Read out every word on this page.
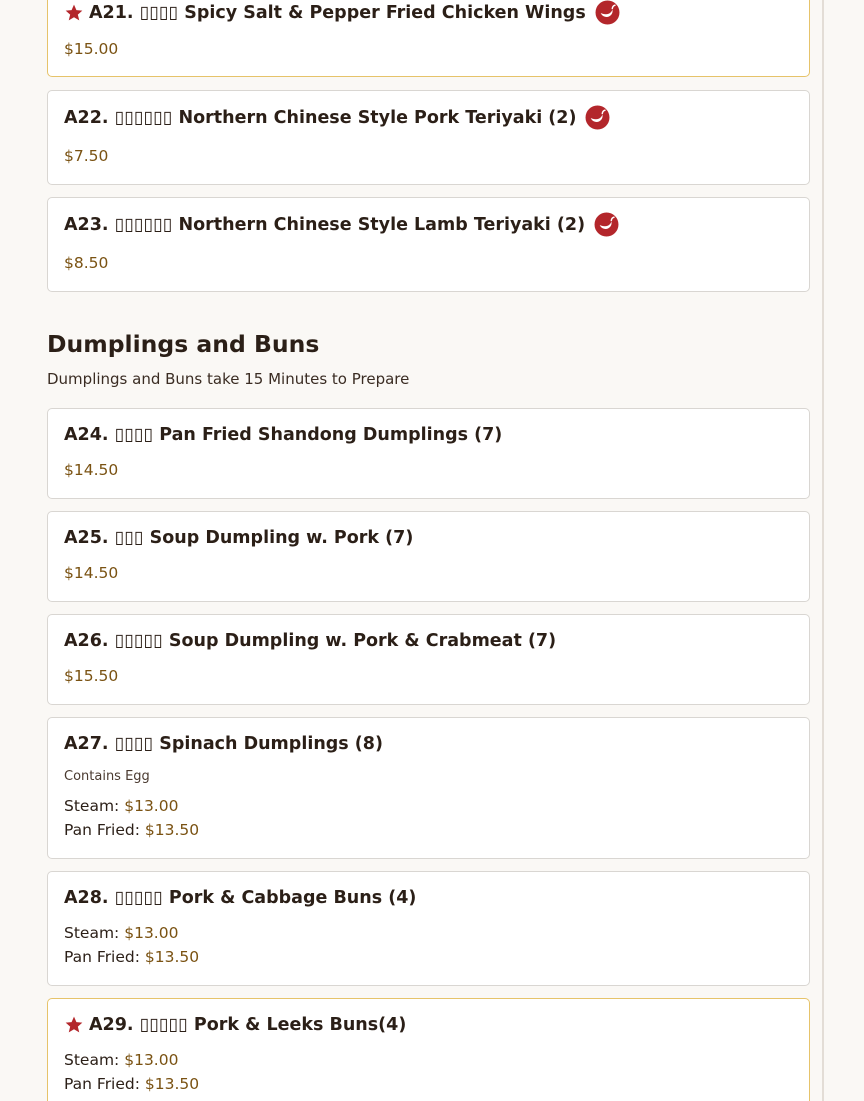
A21. ▯▯▯▯ Spicy Salt & Pepper Fried Chicken Wings
$15.00
A22. ▯▯▯▯▯▯ Northern Chinese Style Pork Teriyaki (2)
$7.50
A23. ▯▯▯▯▯▯ Northern Chinese Style Lamb Teriyaki (2)
$8.50
Dumplings and Buns
Dumplings and Buns take 15 Minutes to Prepare
A24. ▯▯▯▯ Pan Fried Shandong Dumplings (7)
$14.50
A25. ▯▯▯ Soup Dumpling w. Pork (7)
$14.50
A26. ▯▯▯▯▯ Soup Dumpling w. Pork & Crabmeat (7)
$15.50
A27. ▯▯▯▯ Spinach Dumplings (8)
Contains Egg
Steam: $13.00
Pan Fried: $13.50
A28. ▯▯▯▯▯ Pork & Cabbage Buns (4)
Steam: $13.00
Pan Fried: $13.50
A29. ▯▯▯▯▯ Pork & Leeks Buns(4)
Steam: $13.00
Pan Fried: $13.50
